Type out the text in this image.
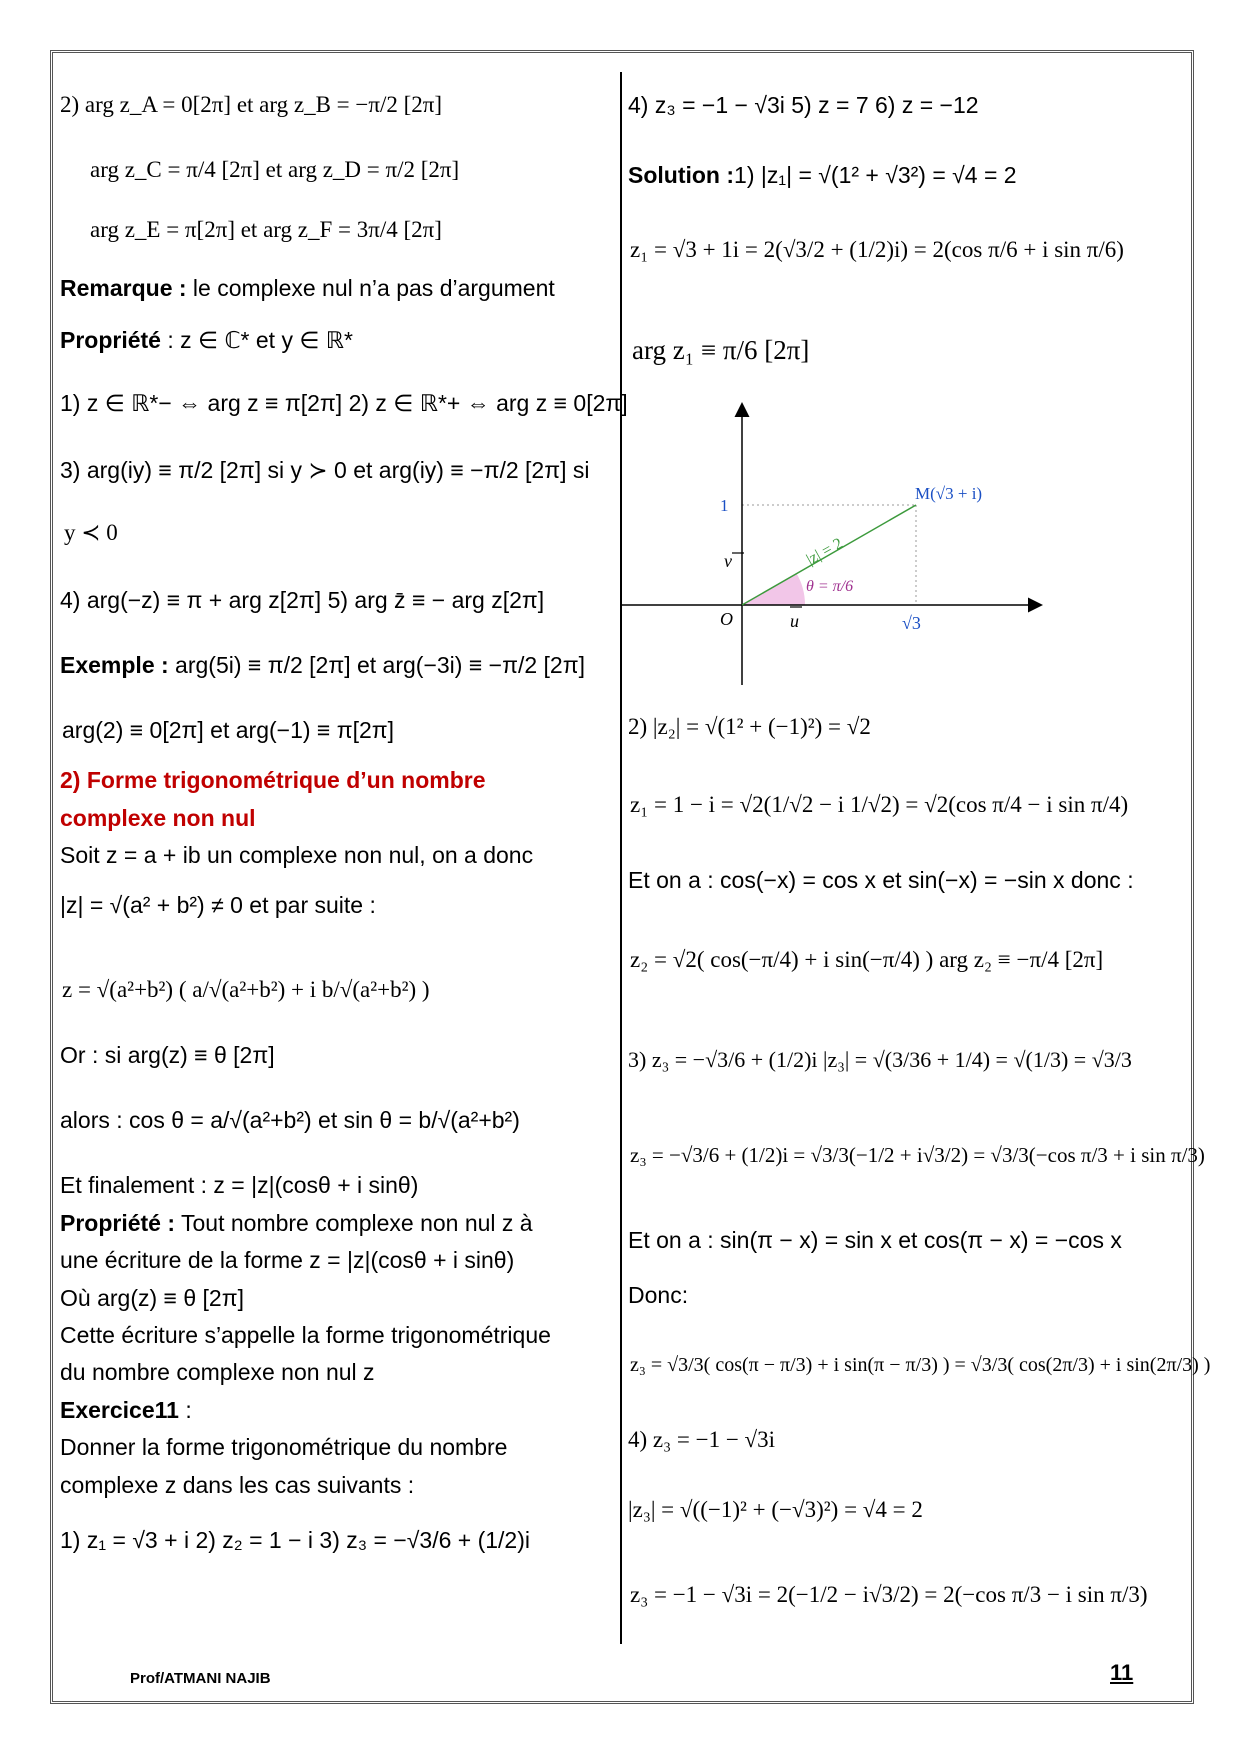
2) arg z_A = 0[2π] et arg z_B = −π/2 [2π]
arg z_C = π/4 [2π] et arg z_D = π/2 [2π]
arg z_E = π[2π] et arg z_F = 3π/4 [2π]
Remarque : le complexe nul n’a pas d’argument
Propriété : z ∈ ℂ* et y ∈ ℝ*
1) z ∈ ℝ*− ⇔ arg z ≡ π[2π] 2) z ∈ ℝ*+ ⇔ arg z ≡ 0[2π]
3) arg(iy) ≡ π/2 [2π] si y ≻ 0 et arg(iy) ≡ −π/2 [2π] si
y ≺ 0
4) arg(−z) ≡ π + arg z[2π] 5) arg z̄ ≡ − arg z[2π]
Exemple : arg(5i) ≡ π/2 [2π] et arg(−3i) ≡ −π/2 [2π]
arg(2) ≡ 0[2π] et arg(−1) ≡ π[2π]
2) Forme trigonométrique d’un nombre
complexe non nul
Soit z = a + ib un complexe non nul, on a donc
|z| = √(a² + b²) ≠ 0 et par suite :
z = √(a²+b²) ( a/√(a²+b²) + i b/√(a²+b²) )
Or : si arg(z) ≡ θ [2π]
alors : cos θ = a/√(a²+b²) et sin θ = b/√(a²+b²)
Et finalement : z = |z|(cosθ + i sinθ)
Propriété : Tout nombre complexe non nul z à
une écriture de la forme z = |z|(cosθ + i sinθ)
Où arg(z) ≡ θ [2π]
Cette écriture s’appelle la forme trigonométrique
du nombre complexe non nul z
Exercice11 :
Donner la forme trigonométrique du nombre
complexe z dans les cas suivants :
1) z₁ = √3 + i 2) z₂ = 1 − i 3) z₃ = −√3/6 + (1/2)i
4) z₃ = −1 − √3i 5) z = 7 6) z = −12
Solution :1) |z₁| = √(1² + √3²) = √4 = 2
z₁ = √3 + 1i = 2(√3/2 + (1/2)i) = 2(cos π/6 + i sin π/6)
arg z₁ ≡ π/6 [2π]
1
v
O	u	√3
M(√3 + i)
|z| = 2
θ = π/6
2) |z₂| = √(1² + (−1)²) = √2
z₁ = 1 − i = √2(1/√2 − i 1/√2) = √2(cos π/4 − i sin π/4)
Et on a : cos(−x) = cos x et sin(−x) = −sin x donc :
z₂ = √2( cos(−π/4) + i sin(−π/4) ) arg z₂ ≡ −π/4 [2π]
3) z₃ = −√3/6 + (1/2)i |z₃| = √(3/36 + 1/4) = √(1/3) = √3/3
z₃ = −√3/6 + (1/2)i = √3/3(−1/2 + i√3/2) = √3/3(−cos π/3 + i sin π/3)
Et on a : sin(π − x) = sin x et cos(π − x) = −cos x
Donc:
z₃ = √3/3( cos(π − π/3) + i sin(π − π/3) ) = √3/3( cos(2π/3) + i sin(2π/3) )
4) z₃ = −1 − √3i
|z₃| = √((−1)² + (−√3)²) = √4 = 2
z₃ = −1 − √3i = 2(−1/2 − i√3/2) = 2(−cos π/3 − i sin π/3)
Prof/ATMANI NAJIB	11
